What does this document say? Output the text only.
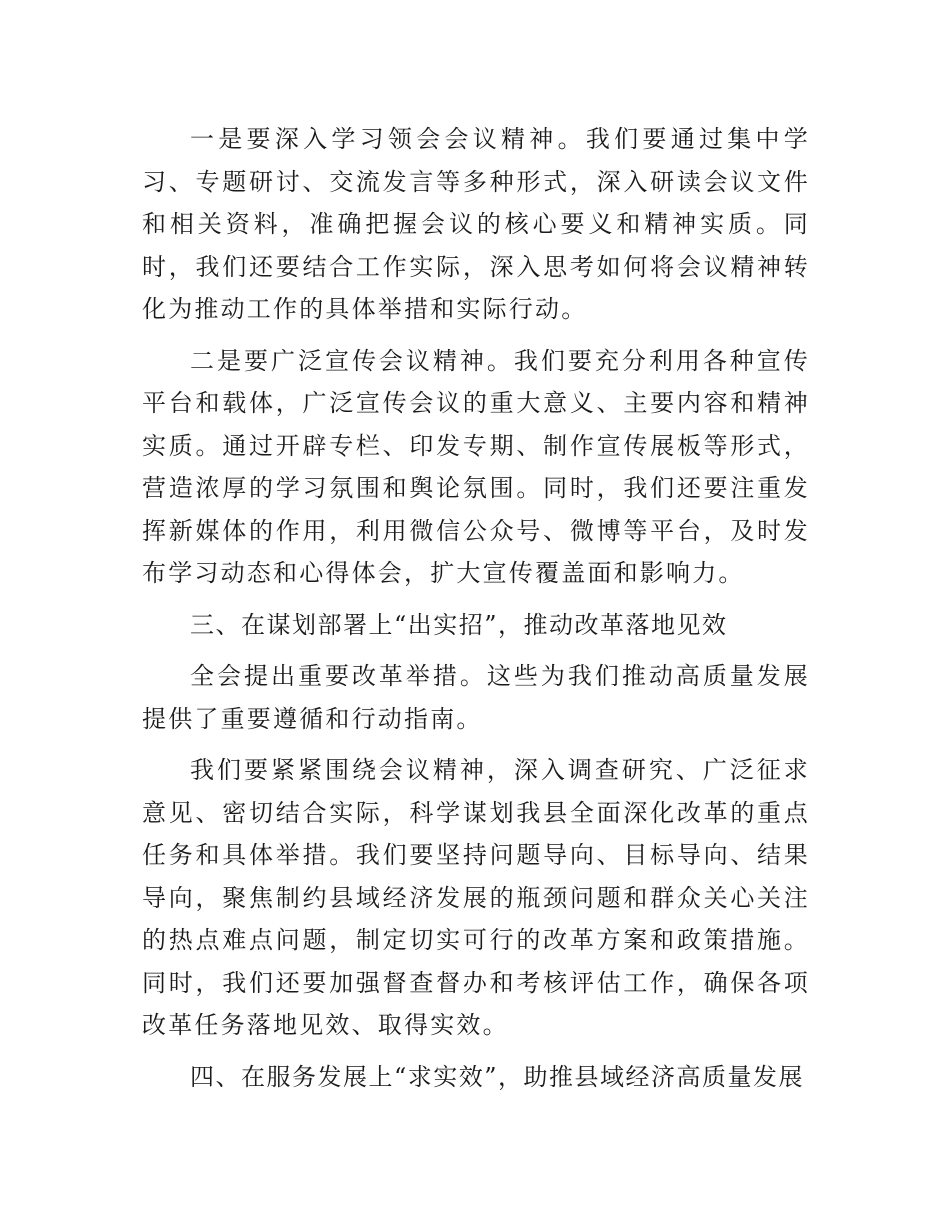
一是要深入学习领会会议精神。我们要通过集中学习、专题研讨、交流发言等多种形式，深入研读会议文件和相关资料，准确把握会议的核心要义和精神实质。同时，我们还要结合工作实际，深入思考如何将会议精神转化为推动工作的具体举措和实际行动。

二是要广泛宣传会议精神。我们要充分利用各种宣传平台和载体，广泛宣传会议的重大意义、主要内容和精神实质。通过开辟专栏、印发专期、制作宣传展板等形式，营造浓厚的学习氛围和舆论氛围。同时，我们还要注重发挥新媒体的作用，利用微信公众号、微博等平台，及时发布学习动态和心得体会，扩大宣传覆盖面和影响力。

三、在谋划部署上“出实招”，推动改革落地见效

全会提出重要改革举措。这些为我们推动高质量发展提供了重要遵循和行动指南。

我们要紧紧围绕会议精神，深入调查研究、广泛征求意见、密切结合实际，科学谋划我县全面深化改革的重点任务和具体举措。我们要坚持问题导向、目标导向、结果导向，聚焦制约县域经济发展的瓶颈问题和群众关心关注的热点难点问题，制定切实可行的改革方案和政策措施。同时，我们还要加强督查督办和考核评估工作，确保各项改革任务落地见效、取得实效。

四、在服务发展上“求实效”，助推县域经济高质量发展
